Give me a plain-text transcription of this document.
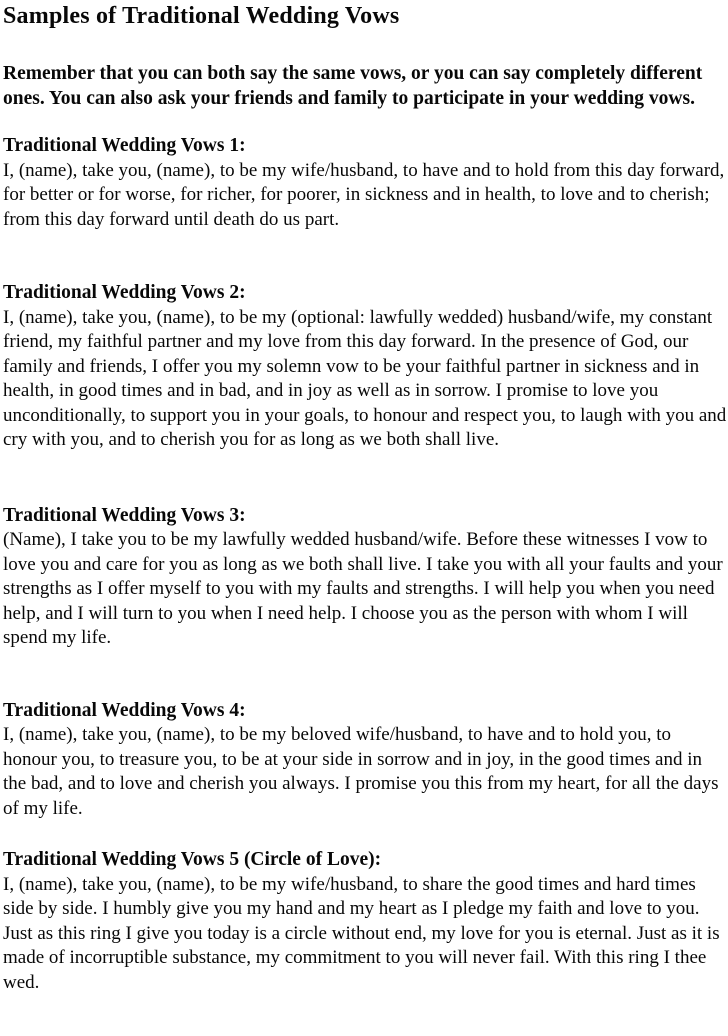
Samples of Traditional Wedding Vows

Remember that you can both say the same vows, or you can say completely different ones. You can also ask your friends and family to participate in your wedding vows.

Traditional Wedding Vows 1:

I, (name), take you, (name), to be my wife/husband, to have and to hold from this day forward, for better or for worse, for richer, for poorer, in sickness and in health, to love and to cherish; from this day forward until death do us part.

Traditional Wedding Vows 2:

I, (name), take you, (name), to be my (optional: lawfully wedded) husband/wife, my constant friend, my faithful partner and my love from this day forward. In the presence of God, our family and friends, I offer you my solemn vow to be your faithful partner in sickness and in health, in good times and in bad, and in joy as well as in sorrow. I promise to love you unconditionally, to support you in your goals, to honour and respect you, to laugh with you and cry with you, and to cherish you for as long as we both shall live.

Traditional Wedding Vows 3:

(Name), I take you to be my lawfully wedded husband/wife. Before these witnesses I vow to love you and care for you as long as we both shall live. I take you with all your faults and your strengths as I offer myself to you with my faults and strengths. I will help you when you need help, and I will turn to you when I need help. I choose you as the person with whom I will spend my life.

Traditional Wedding Vows 4:

I, (name), take you, (name), to be my beloved wife/husband, to have and to hold you, to honour you, to treasure you, to be at your side in sorrow and in joy, in the good times and in the bad, and to love and cherish you always. I promise you this from my heart, for all the days of my life.

Traditional Wedding Vows 5 (Circle of Love):

I, (name), take you, (name), to be my wife/husband, to share the good times and hard times side by side. I humbly give you my hand and my heart as I pledge my faith and love to you. Just as this ring I give you today is a circle without end, my love for you is eternal. Just as it is made of incorruptible substance, my commitment to you will never fail. With this ring I thee wed.
